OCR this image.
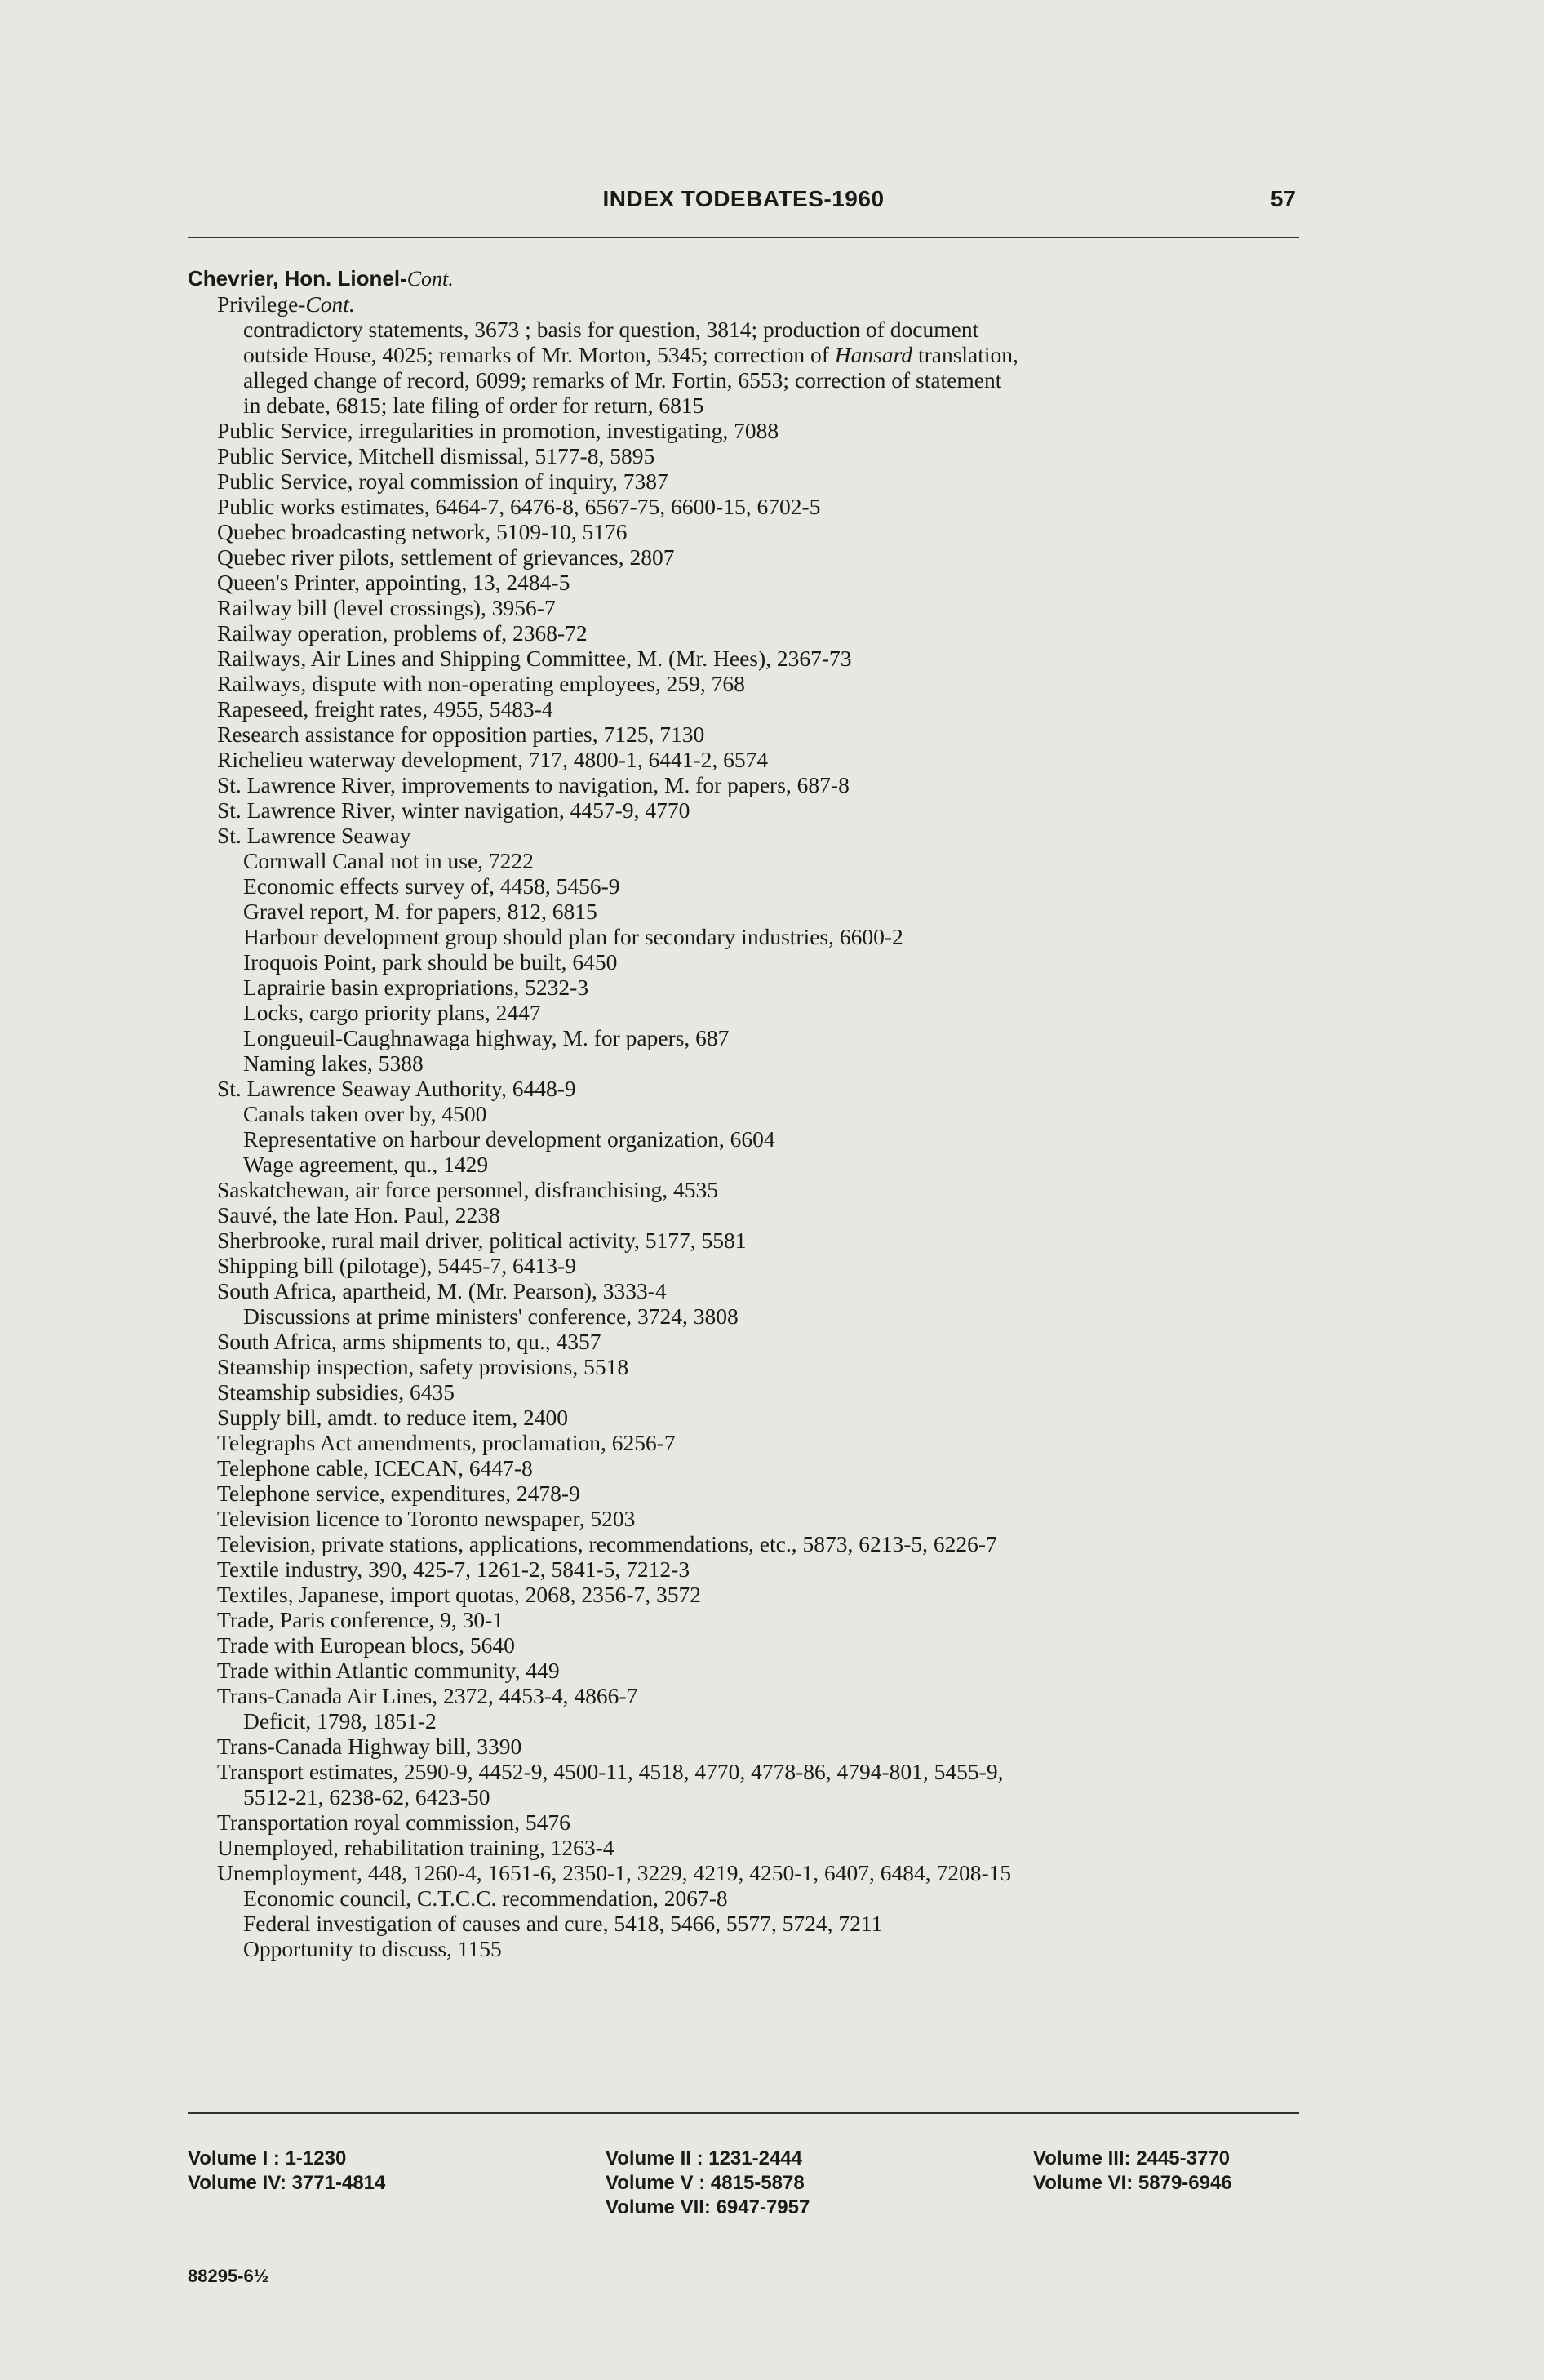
INDEX TODEBATES-1960	57
Chevrier, Hon. Lionel-Cont.
Privilege-Cont.
contradictory statements, 3673 ; basis for question, 3814; production of document
outside House, 4025; remarks of Mr. Morton, 5345; correction of Hansard translation,
alleged change of record, 6099; remarks of Mr. Fortin, 6553; correction of statement
in debate, 6815; late filing of order for return, 6815
Public Service, irregularities in promotion, investigating, 7088
Public Service, Mitchell dismissal, 5177-8, 5895
Public Service, royal commission of inquiry, 7387
Public works estimates, 6464-7, 6476-8, 6567-75, 6600-15, 6702-5
Quebec broadcasting network, 5109-10, 5176
Quebec river pilots, settlement of grievances, 2807
Queen's Printer, appointing, 13, 2484-5
Railway bill (level crossings), 3956-7
Railway operation, problems of, 2368-72
Railways, Air Lines and Shipping Committee, M. (Mr. Hees), 2367-73
Railways, dispute with non-operating employees, 259, 768
Rapeseed, freight rates, 4955, 5483-4
Research assistance for opposition parties, 7125, 7130
Richelieu waterway development, 717, 4800-1, 6441-2, 6574
St. Lawrence River, improvements to navigation, M. for papers, 687-8
St. Lawrence River, winter navigation, 4457-9, 4770
St. Lawrence Seaway
Cornwall Canal not in use, 7222
Economic effects survey of, 4458, 5456-9
Gravel report, M. for papers, 812, 6815
Harbour development group should plan for secondary industries, 6600-2
Iroquois Point, park should be built, 6450
Laprairie basin expropriations, 5232-3
Locks, cargo priority plans, 2447
Longueuil-Caughnawaga highway, M. for papers, 687
Naming lakes, 5388
St. Lawrence Seaway Authority, 6448-9
Canals taken over by, 4500
Representative on harbour development organization, 6604
Wage agreement, qu., 1429
Saskatchewan, air force personnel, disfranchising, 4535
Sauvé, the late Hon. Paul, 2238
Sherbrooke, rural mail driver, political activity, 5177, 5581
Shipping bill (pilotage), 5445-7, 6413-9
South Africa, apartheid, M. (Mr. Pearson), 3333-4
Discussions at prime ministers' conference, 3724, 3808
South Africa, arms shipments to, qu., 4357
Steamship inspection, safety provisions, 5518
Steamship subsidies, 6435
Supply bill, amdt. to reduce item, 2400
Telegraphs Act amendments, proclamation, 6256-7
Telephone cable, ICECAN, 6447-8
Telephone service, expenditures, 2478-9
Television licence to Toronto newspaper, 5203
Television, private stations, applications, recommendations, etc., 5873, 6213-5, 6226-7
Textile industry, 390, 425-7, 1261-2, 5841-5, 7212-3
Textiles, Japanese, import quotas, 2068, 2356-7, 3572
Trade, Paris conference, 9, 30-1
Trade with European blocs, 5640
Trade within Atlantic community, 449
Trans-Canada Air Lines, 2372, 4453-4, 4866-7
Deficit, 1798, 1851-2
Trans-Canada Highway bill, 3390
Transport estimates, 2590-9, 4452-9, 4500-11, 4518, 4770, 4778-86, 4794-801, 5455-9,
5512-21, 6238-62, 6423-50
Transportation royal commission, 5476
Unemployed, rehabilitation training, 1263-4
Unemployment, 448, 1260-4, 1651-6, 2350-1, 3229, 4219, 4250-1, 6407, 6484, 7208-15
Economic council, C.T.C.C. recommendation, 2067-8
Federal investigation of causes and cure, 5418, 5466, 5577, 5724, 7211
Opportunity to discuss, 1155
Volume I : 1-1230
Volume IV: 3771-4814
Volume II : 1231-2444
Volume V : 4815-5878
Volume VII: 6947-7957
Volume III: 2445-3770
Volume VI: 5879-6946
88295-6½
